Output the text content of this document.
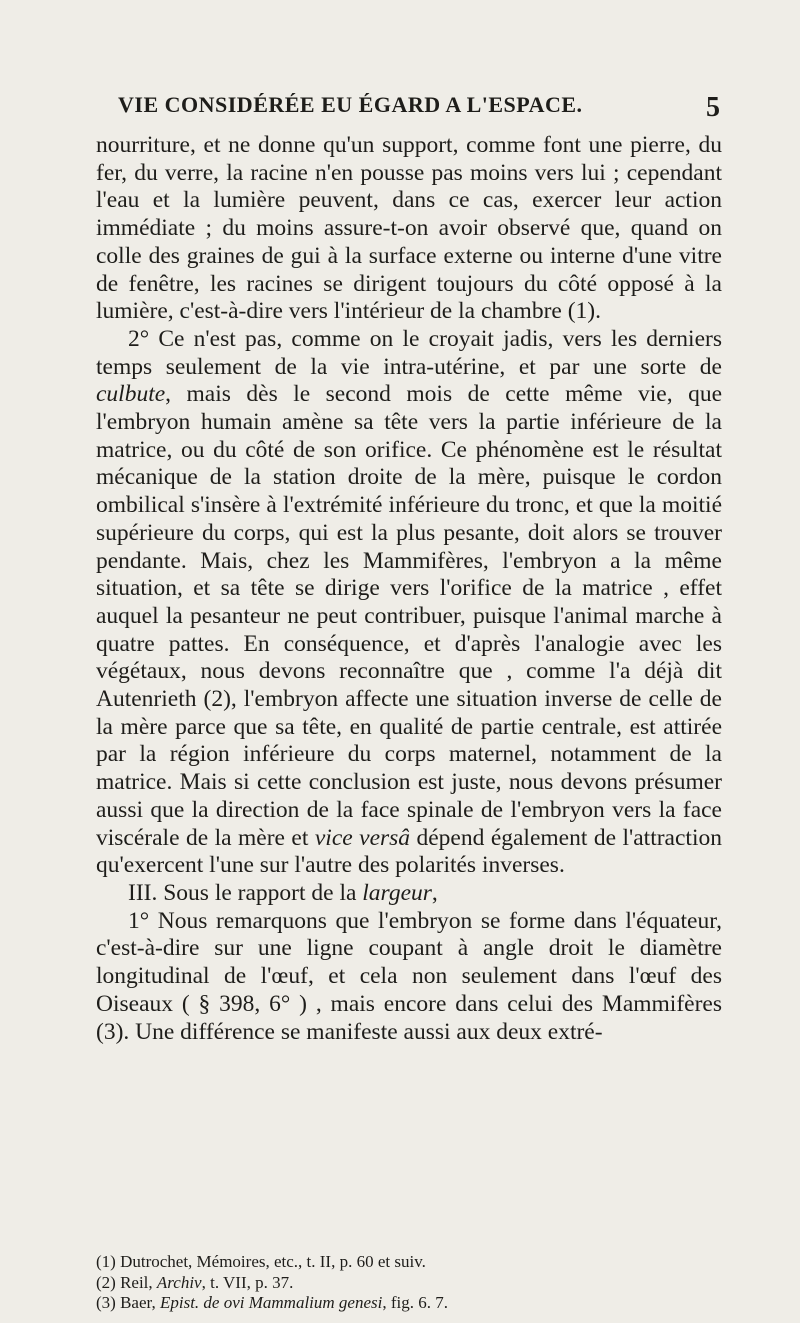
VIE CONSIDÉRÉE EU ÉGARD A L'ESPACE.	5

nourriture, et ne donne qu'un support, comme font une pierre, du fer, du verre, la racine n'en pousse pas moins vers lui ; cependant l'eau et la lumière peuvent, dans ce cas, exercer leur action immédiate ; du moins assure-t-on avoir observé que, quand on colle des graines de gui à la surface externe ou interne d'une vitre de fenêtre, les racines se dirigent toujours du côté opposé à la lumière, c'est-à-dire vers l'intérieur de la chambre (1).

2° Ce n'est pas, comme on le croyait jadis, vers les derniers temps seulement de la vie intra-utérine, et par une sorte de culbute, mais dès le second mois de cette même vie, que l'embryon humain amène sa tête vers la partie inférieure de la matrice, ou du côté de son orifice. Ce phénomène est le résultat mécanique de la station droite de la mère, puisque le cordon ombilical s'insère à l'extrémité inférieure du tronc, et que la moitié supérieure du corps, qui est la plus pesante, doit alors se trouver pendante. Mais, chez les Mammifères, l'embryon a la même situation, et sa tête se dirige vers l'orifice de la matrice , effet auquel la pesanteur ne peut contribuer, puisque l'animal marche à quatre pattes. En conséquence, et d'après l'analogie avec les végétaux, nous devons reconnaître que , comme l'a déjà dit Autenrieth (2), l'embryon affecte une situation inverse de celle de la mère parce que sa tête, en qualité de partie centrale, est attirée par la région inférieure du corps maternel, notamment de la matrice. Mais si cette conclusion est juste, nous devons présumer aussi que la direction de la face spinale de l'embryon vers la face viscérale de la mère et vice versâ dépend également de l'attraction qu'exercent l'une sur l'autre des polarités inverses.

III. Sous le rapport de la largeur,

1° Nous remarquons que l'embryon se forme dans l'équateur, c'est-à-dire sur une ligne coupant à angle droit le diamètre longitudinal de l'œuf, et cela non seulement dans l'œuf des Oiseaux ( § 398, 6° ) , mais encore dans celui des Mammifères (3). Une différence se manifeste aussi aux deux extré-

(1) Dutrochet, Mémoires, etc., t. II, p. 60 et suiv.
(2) Reil, Archiv, t. VII, p. 37.
(3) Baer, Epist. de ovi Mammalium genesi, fig. 6. 7.
